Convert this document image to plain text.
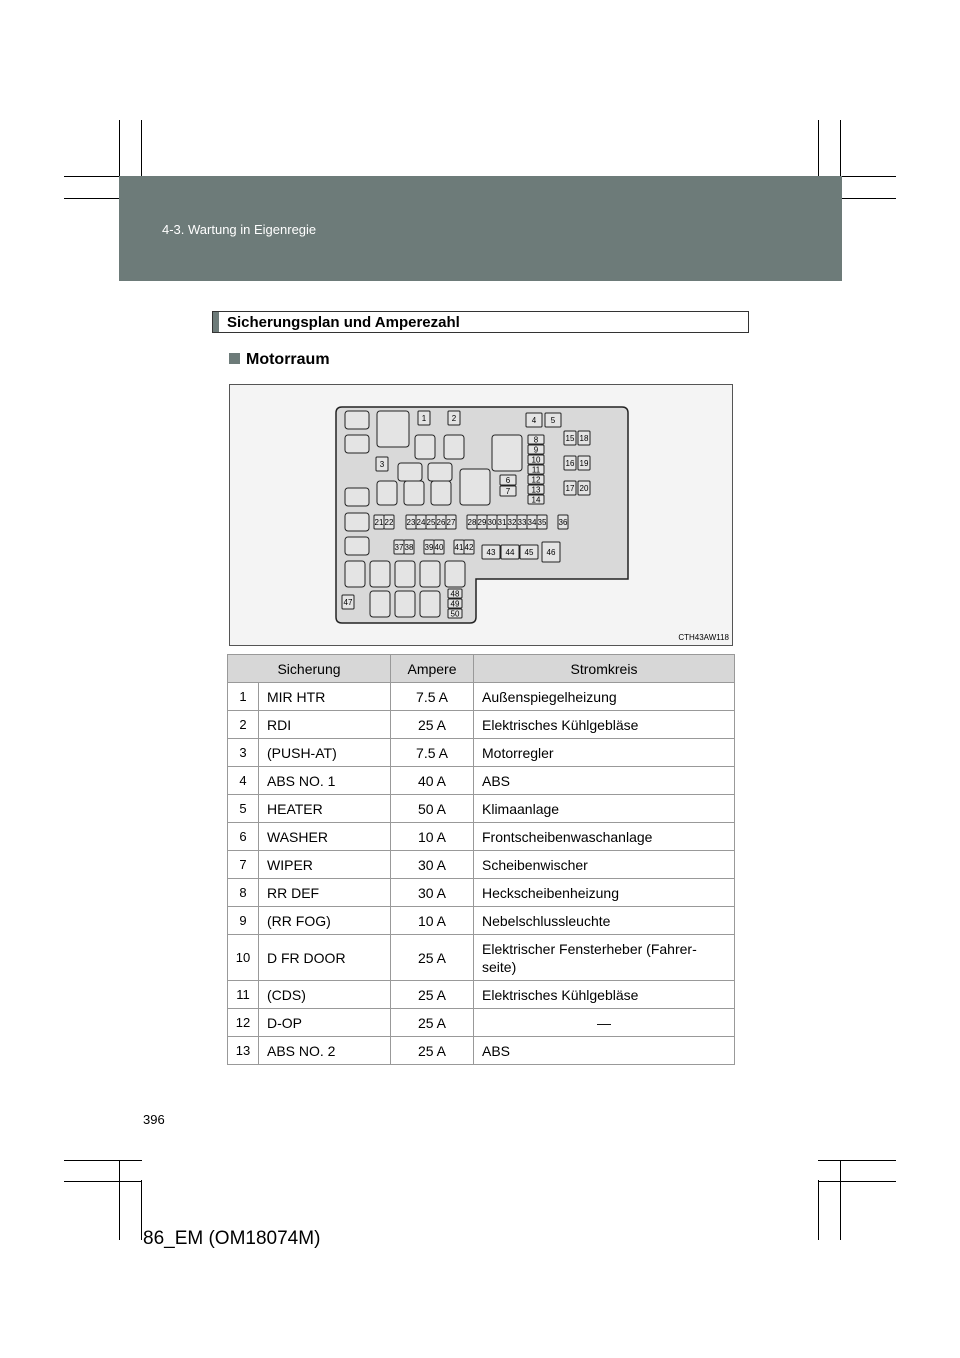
4-3. Wartung in Eigenregie
Sicherungsplan und Amperezahl
Motorraum
1	2
3
4 5
8
9
10
11
12
13
14
6
7
15 18
16 19
17 20
21 22 23 24 25 26 27 28 29 30 31 32 33 34 35 36
37 38 39 40 41 42
43 44 45 46
47
48
49
50
CTH43AW118
Sicherung		Ampere	Stromkreis
1	MIR HTR	7.5 A	Außenspiegelheizung
2	RDI	25 A	Elektrisches Kühlgebläse
3	(PUSH-AT)	7.5 A	Motorregler
4	ABS NO. 1	40 A	ABS
5	HEATER	50 A	Klimaanlage
6	WASHER	10 A	Frontscheibenwaschanlage
7	WIPER	30 A	Scheibenwischer
8	RR DEF	30 A	Heckscheibenheizung
9	(RR FOG)	10 A	Nebelschlussleuchte
10	D FR DOOR	25 A	Elektrischer Fensterheber (Fahrer-seite)
11	(CDS)	25 A	Elektrisches Kühlgebläse
12	D-OP	25 A	—
13	ABS NO. 2	25 A	ABS
396
86_EM (OM18074M)
